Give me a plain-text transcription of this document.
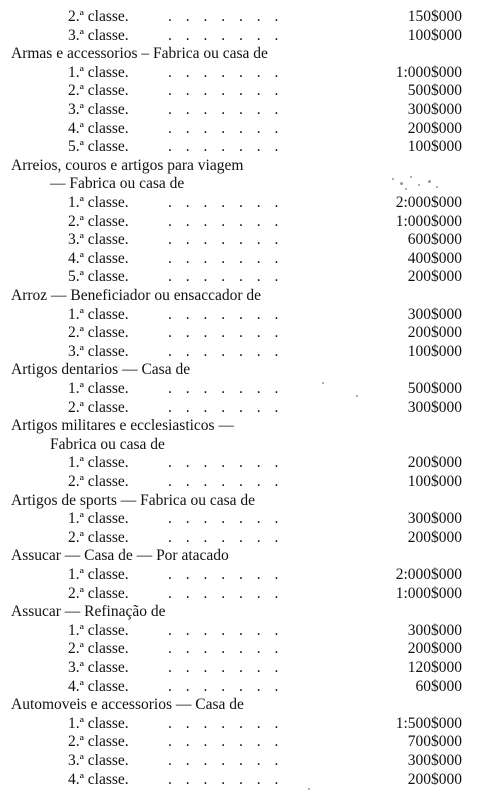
2.ª classe.	. . . . . . .	150$000
3.ª classe.	. . . . . . .	100$000
Armas e accessorios – Fabrica ou casa de
1.ª classe.	. . . . . . .	1:000$000
2.ª classe.	. . . . . . .	500$000
3.ª classe.	. . . . . . .	300$000
4.ª classe.	. . . . . . .	200$000
5.ª classe.	. . . . . . .	100$000
Arreios, couros e artigos para viagem
— Fabrica ou casa de
1.ª classe.	. . . . . . .	2:000$000
2.ª classe.	. . . . . . .	1:000$000
3.ª classe.	. . . . . . .	600$000
4.ª classe.	. . . . . . .	400$000
5.ª classe.	. . . . . . .	200$000
Arroz — Beneficiador ou ensaccador de
1.ª classe.	. . . . . . .	300$000
2.ª classe.	. . . . . . .	200$000
3.ª classe.	. . . . . . .	100$000
Artigos dentarios — Casa de
1.ª classe.	. . . . . . .	500$000
2.ª classe.	. . . . . . .	300$000
Artigos militares e ecclesiasticos —
Fabrica ou casa de
1.ª classe.	. . . . . . .	200$000
2.ª classe.	. . . . . . .	100$000
Artigos de sports — Fabrica ou casa de
1.ª classe.	. . . . . . .	300$000
2.ª classe.	. . . . . . .	200$000
Assucar — Casa de — Por atacado
1.ª classe.	. . . . . . .	2:000$000
2.ª classe.	. . . . . . .	1:000$000
Assucar — Refinação de
1.ª classe.	. . . . . . .	300$000
2.ª classe.	. . . . . . .	200$000
3.ª classe.	. . . . . . .	120$000
4.ª classe.	. . . . . . .	60$000
Automoveis e accessorios — Casa de
1.ª classe.	. . . . . . .	1:500$000
2.ª classe.	. . . . . . .	700$000
3.ª classe.	. . . . . . .	300$000
4.ª classe.	. . . . . . .	200$000
